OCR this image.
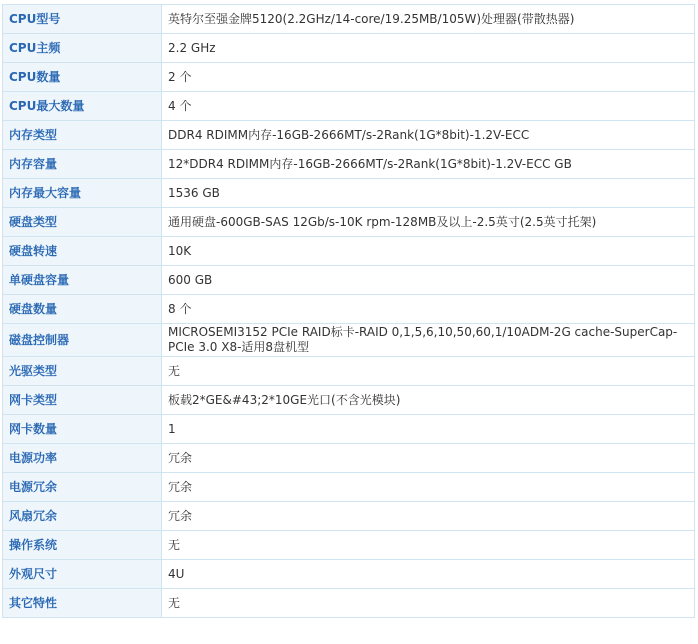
CPU型号	英特尔至强金牌5120(2.2GHz/14-core/19.25MB/105W)处理器(带散热器)
CPU主频	2.2 GHz
CPU数量	2 个
CPU最大数量	4 个
内存类型	DDR4 RDIMM内存-16GB-2666MT/s-2Rank(1G*8bit)-1.2V-ECC
内存容量	12*DDR4 RDIMM内存-16GB-2666MT/s-2Rank(1G*8bit)-1.2V-ECC GB
内存最大容量	1536 GB
硬盘类型	通用硬盘-600GB-SAS 12Gb/s-10K rpm-128MB及以上-2.5英寸(2.5英寸托架)
硬盘转速	10K
单硬盘容量	600 GB
硬盘数量	8 个
磁盘控制器	MICROSEMI3152 PCIe RAID标卡-RAID 0,1,5,6,10,50,60,1/10ADM-2G cache-SuperCap-PCIe 3.0 X8-适用8盘机型
光驱类型	无
网卡类型	板载2*GE&#43;2*10GE光口(不含光模块)
网卡数量	1
电源功率	冗余
电源冗余	冗余
风扇冗余	冗余
操作系统	无
外观尺寸	4U
其它特性	无
